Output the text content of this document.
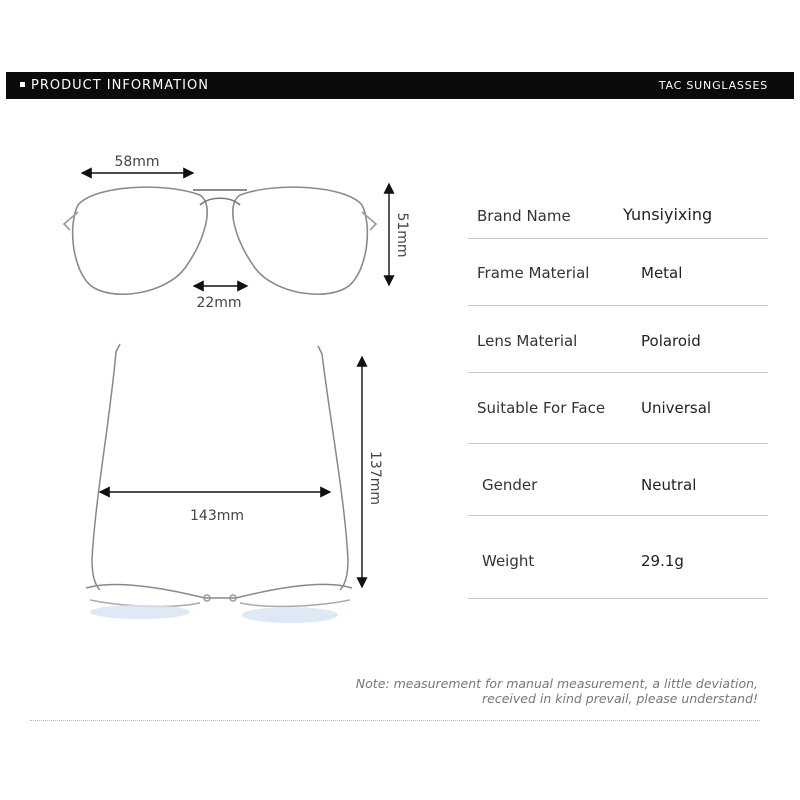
PRODUCT INFORMATION	TAC SUNGLASSES
58mm
51mm
22mm
143mm
137mm
Brand Name	Yunsiyixing
Frame Material	Metal
Lens Material	Polaroid
Suitable For Face Universal
Gender	Neutral
Weight	29.1g
Note: measurement for manual measurement, a little deviation,
received in kind prevail, please understand!
